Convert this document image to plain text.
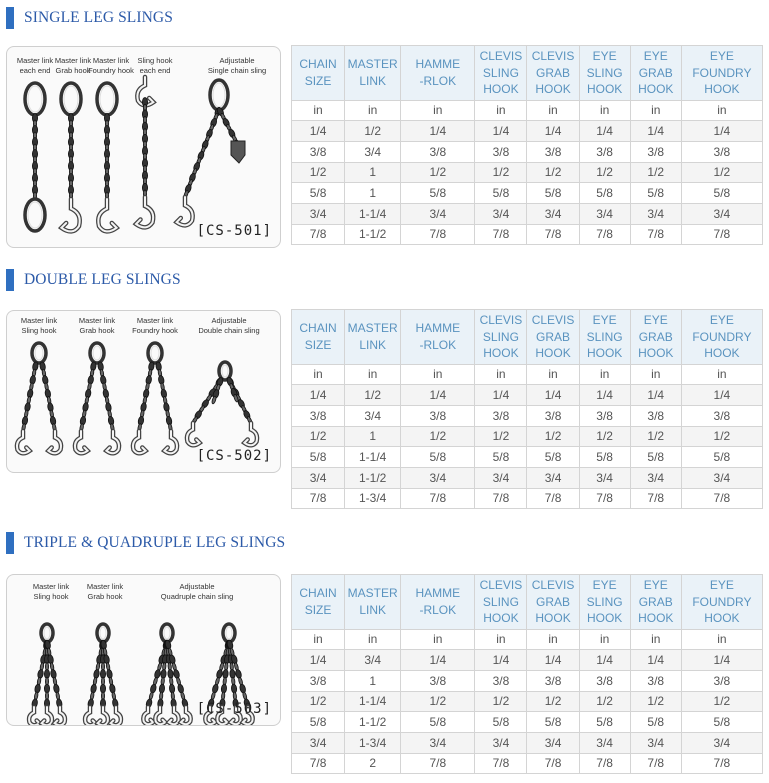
SINGLE LEG SLINGS
Master link
each end
Master link
Grab hook
Master link
Foundry hook
Sling hook
each end
Adjustable
Single chain sling
[CS-501]
CHAIN
SIZE	MASTER
LINK	HAMME
-RLOK	CLEVIS
SLING
HOOK	CLEVIS
GRAB
HOOK	EYE
SLING
HOOK	EYE
GRAB
HOOK	EYE
FOUNDRY
HOOK
in	in	in	in	in	in	in	in
1/4	1/2	1/4	1/4	1/4	1/4	1/4	1/4
3/8	3/4	3/8	3/8	3/8	3/8	3/8	3/8
1/2	1	1/2	1/2	1/2	1/2	1/2	1/2
5/8	1	5/8	5/8	5/8	5/8	5/8	5/8
3/4	1-1/4	3/4	3/4	3/4	3/4	3/4	3/4
7/8	1-1/2	7/8	7/8	7/8	7/8	7/8	7/8
DOUBLE LEG SLINGS
Master link
Sling hook
Master link
Grab hook
Master link
Foundry hook
Adjustable
Double chain sling
[CS-502]
CHAIN
SIZE	MASTER
LINK	HAMME
-RLOK	CLEVIS
SLING
HOOK	CLEVIS
GRAB
HOOK	EYE
SLING
HOOK	EYE
GRAB
HOOK	EYE
FOUNDRY
HOOK
in	in	in	in	in	in	in	in
1/4	1/2	1/4	1/4	1/4	1/4	1/4	1/4
3/8	3/4	3/8	3/8	3/8	3/8	3/8	3/8
1/2	1	1/2	1/2	1/2	1/2	1/2	1/2
5/8	1-1/4	5/8	5/8	5/8	5/8	5/8	5/8
3/4	1-1/2	3/4	3/4	3/4	3/4	3/4	3/4
7/8	1-3/4	7/8	7/8	7/8	7/8	7/8	7/8
TRIPLE & QUADRUPLE LEG SLINGS
Master link
Sling hook
Master link
Grab hook
Adjustable
Quadruple chain sling
[CS-503]
CHAIN
SIZE	MASTER
LINK	HAMME
-RLOK	CLEVIS
SLING
HOOK	CLEVIS
GRAB
HOOK	EYE
SLING
HOOK	EYE
GRAB
HOOK	EYE
FOUNDRY
HOOK
in	in	in	in	in	in	in	in
1/4	3/4	1/4	1/4	1/4	1/4	1/4	1/4
3/8	1	3/8	3/8	3/8	3/8	3/8	3/8
1/2	1-1/4	1/2	1/2	1/2	1/2	1/2	1/2
5/8	1-1/2	5/8	5/8	5/8	5/8	5/8	5/8
3/4	1-3/4	3/4	3/4	3/4	3/4	3/4	3/4
7/8	2	7/8	7/8	7/8	7/8	7/8	7/8
